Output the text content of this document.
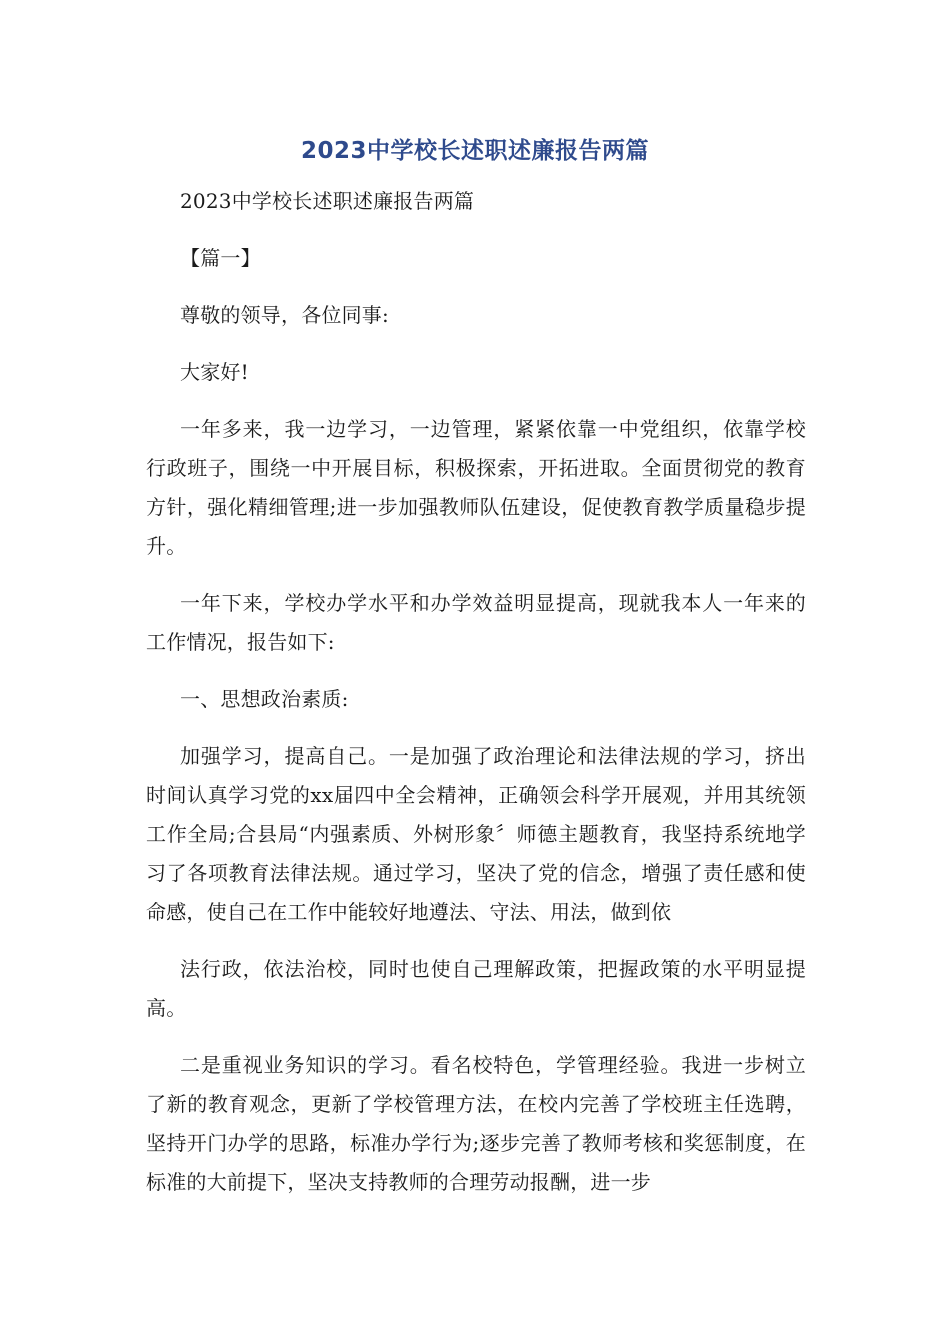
2023中学校长述职述廉报告两篇

2023中学校长述职述廉报告两篇

【篇一】

尊敬的领导，各位同事:

大家好!

一年多来，我一边学习，一边管理，紧紧依靠一中党组织，依靠学校行政班子，围绕一中开展目标，积极探索，开拓进取。全面贯彻党的教育方针，强化精细管理;进一步加强教师队伍建设，促使教育教学质量稳步提升。

一年下来，学校办学水平和办学效益明显提高，现就我本人一年来的工作情况，报告如下:

一、思想政治素质:

加强学习，提高自己。一是加强了政治理论和法律法规的学习，挤出时间认真学习党的xx届四中全会精神，正确领会科学开展观，并用其统领工作全局;合县局“内强素质、外树形象〞师德主题教育，我坚持系统地学习了各项教育法律法规。通过学习，坚决了党的信念，增强了责任感和使命感，使自己在工作中能较好地遵法、守法、用法，做到依

法行政，依法治校，同时也使自己理解政策，把握政策的水平明显提高。

二是重视业务知识的学习。看名校特色，学管理经验。我进一步树立了新的教育观念，更新了学校管理方法，在校内完善了学校班主任选聘，坚持开门办学的思路，标准办学行为;逐步完善了教师考核和奖惩制度，在标准的大前提下，坚决支持教师的合理劳动报酬，进一步
